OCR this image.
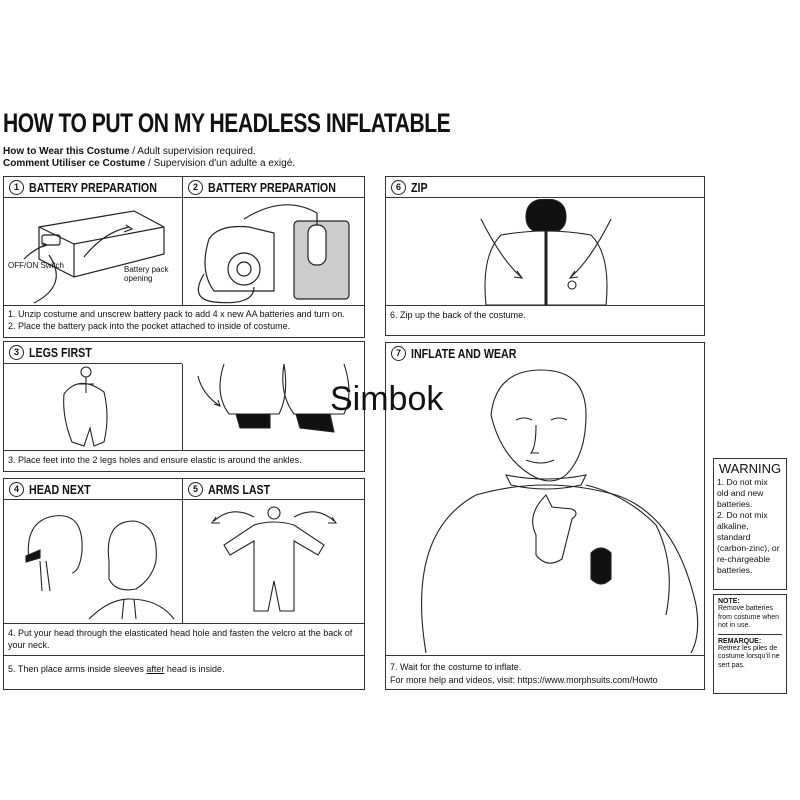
HOW TO PUT ON MY HEADLESS INFLATABLE
How to Wear this Costume / Adult supervision required.
Comment Utiliser ce Costume / Supervision d'un adulte a exigé.
1 BATTERY PREPARATION	2 BATTERY PREPARATION
OFF/ON Switch	Battery pack
opening
1. Unzip costume and unscrew battery pack to add 4 x new AA batteries and turn on.
2. Place the battery pack into the pocket attached to inside of costume.
3 LEGS FIRST
3. Place feet into the 2 legs holes and ensure elastic is around the ankles.
4 HEAD NEXT	5 ARMS LAST
4. Put your head through the elasticated head hole and fasten the velcro at the back of your neck.
5. Then place arms inside sleeves after head is inside.
6 ZIP
6. Zip up the back of the costume.
7 INFLATE AND WEAR
7. Wait for the costume to inflate.
For more help and videos, visit: https://www.morphsuits.com/Howto
Simbok
WARNING
1. Do not mix
old and new
batteries.
2. Do not mix
alkaline,
standard
(carbon-zinc), or
re-chargeable
batteries.
NOTE:
Remove batteries from costume when not in use.
REMARQUE:
Retirez les piles de costume lorsqu'il ne sert pas.
